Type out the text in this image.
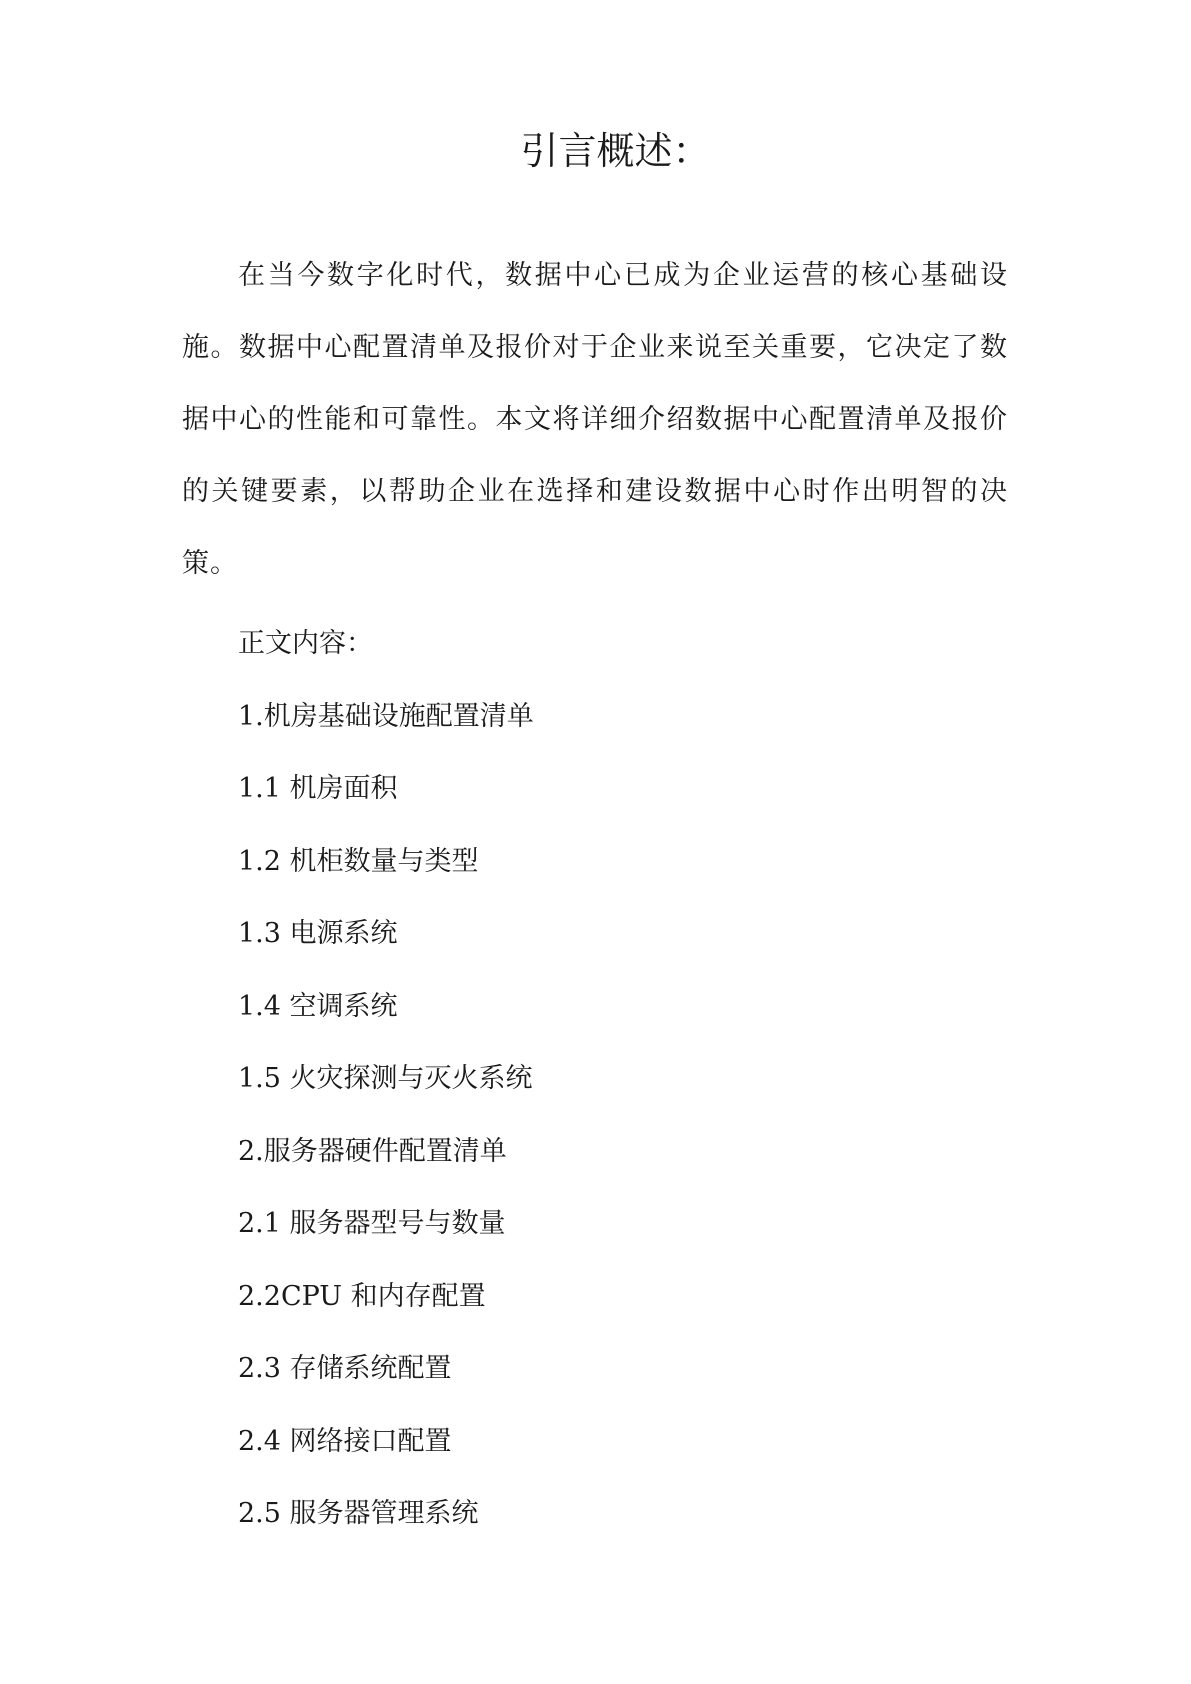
引言概述：

在当今数字化时代，数据中心已成为企业运营的核心基础设施。数据中心配置清单及报价对于企业来说至关重要，它决定了数据中心的性能和可靠性。本文将详细介绍数据中心配置清单及报价的关键要素，以帮助企业在选择和建设数据中心时作出明智的决策。

正文内容：
1.机房基础设施配置清单
1.1 机房面积
1.2 机柜数量与类型
1.3 电源系统
1.4 空调系统
1.5 火灾探测与灭火系统
2.服务器硬件配置清单
2.1 服务器型号与数量
2.2CPU 和内存配置
2.3 存储系统配置
2.4 网络接口配置
2.5 服务器管理系统
